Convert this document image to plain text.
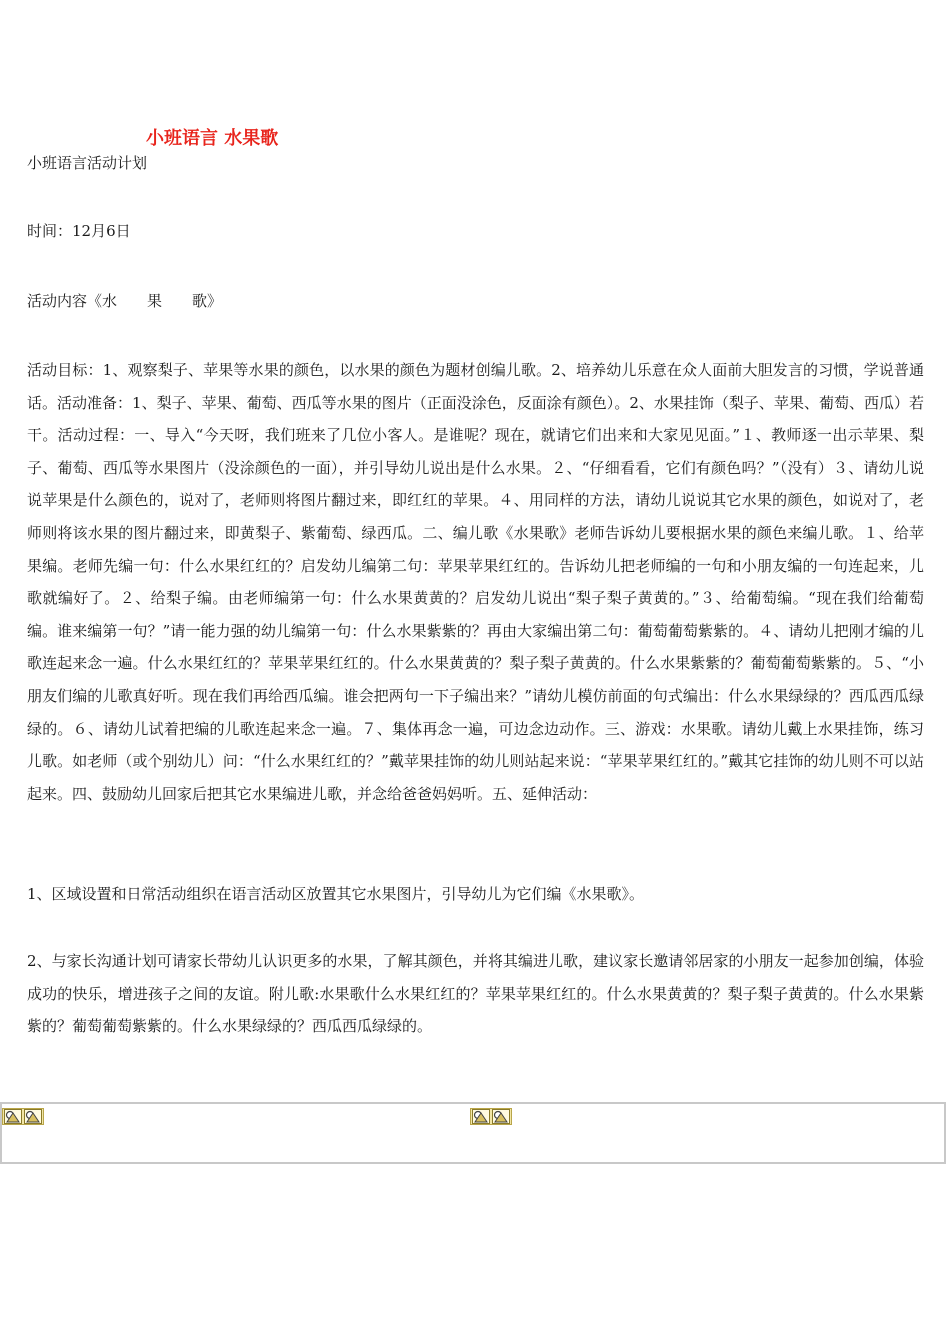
小班语言 水果歌

小班语言活动计划

时间：12月6日

活动内容《水　　果　　歌》

活动目标：1、观察梨子、苹果等水果的颜色，以水果的颜色为题材创编儿歌。2、培养幼儿乐意在众人面前大胆发言的习惯，学说普通话。活动准备：1、梨子、苹果、葡萄、西瓜等水果的图片（正面没涂色，反面涂有颜色）。2、水果挂饰（梨子、苹果、葡萄、西瓜）若干。活动过程：一、导入“今天呀，我们班来了几位小客人。是谁呢？现在，就请它们出来和大家见见面。”１、教师逐一出示苹果、梨子、葡萄、西瓜等水果图片（没涂颜色的一面），并引导幼儿说出是什么水果。２、“仔细看看，它们有颜色吗？”（没有）３、请幼儿说说苹果是什么颜色的，说对了，老师则将图片翻过来，即红红的苹果。４、用同样的方法，请幼儿说说其它水果的颜色，如说对了，老师则将该水果的图片翻过来，即黄梨子、紫葡萄、绿西瓜。二、编儿歌《水果歌》老师告诉幼儿要根据水果的颜色来编儿歌。１、给苹果编。老师先编一句：什么水果红红的？启发幼儿编第二句：苹果苹果红红的。告诉幼儿把老师编的一句和小朋友编的一句连起来，儿歌就编好了。２、给梨子编。由老师编第一句：什么水果黄黄的？启发幼儿说出“梨子梨子黄黄的。”３、给葡萄编。“现在我们给葡萄编。谁来编第一句？”请一能力强的幼儿编第一句：什么水果紫紫的？再由大家编出第二句：葡萄葡萄紫紫的。４、请幼儿把刚才编的儿歌连起来念一遍。什么水果红红的？苹果苹果红红的。什么水果黄黄的？梨子梨子黄黄的。什么水果紫紫的？葡萄葡萄紫紫的。５、“小朋友们编的儿歌真好听。现在我们再给西瓜编。谁会把两句一下子编出来？”请幼儿模仿前面的句式编出：什么水果绿绿的？西瓜西瓜绿绿的。６、请幼儿试着把编的儿歌连起来念一遍。７、集体再念一遍，可边念边动作。三、游戏：水果歌。请幼儿戴上水果挂饰，练习儿歌。如老师（或个别幼儿）问：“什么水果红红的？”戴苹果挂饰的幼儿则站起来说：“苹果苹果红红的。”戴其它挂饰的幼儿则不可以站起来。四、鼓励幼儿回家后把其它水果编进儿歌，并念给爸爸妈妈听。五、延伸活动：

1、区域设置和日常活动组织在语言活动区放置其它水果图片，引导幼儿为它们编《水果歌》。

2、与家长沟通计划可请家长带幼儿认识更多的水果，了解其颜色，并将其编进儿歌，建议家长邀请邻居家的小朋友一起参加创编，体验成功的快乐，增进孩子之间的友谊。附儿歌:水果歌什么水果红红的？苹果苹果红红的。什么水果黄黄的？梨子梨子黄黄的。什么水果紫紫的？葡萄葡萄紫紫的。什么水果绿绿的？西瓜西瓜绿绿的。
